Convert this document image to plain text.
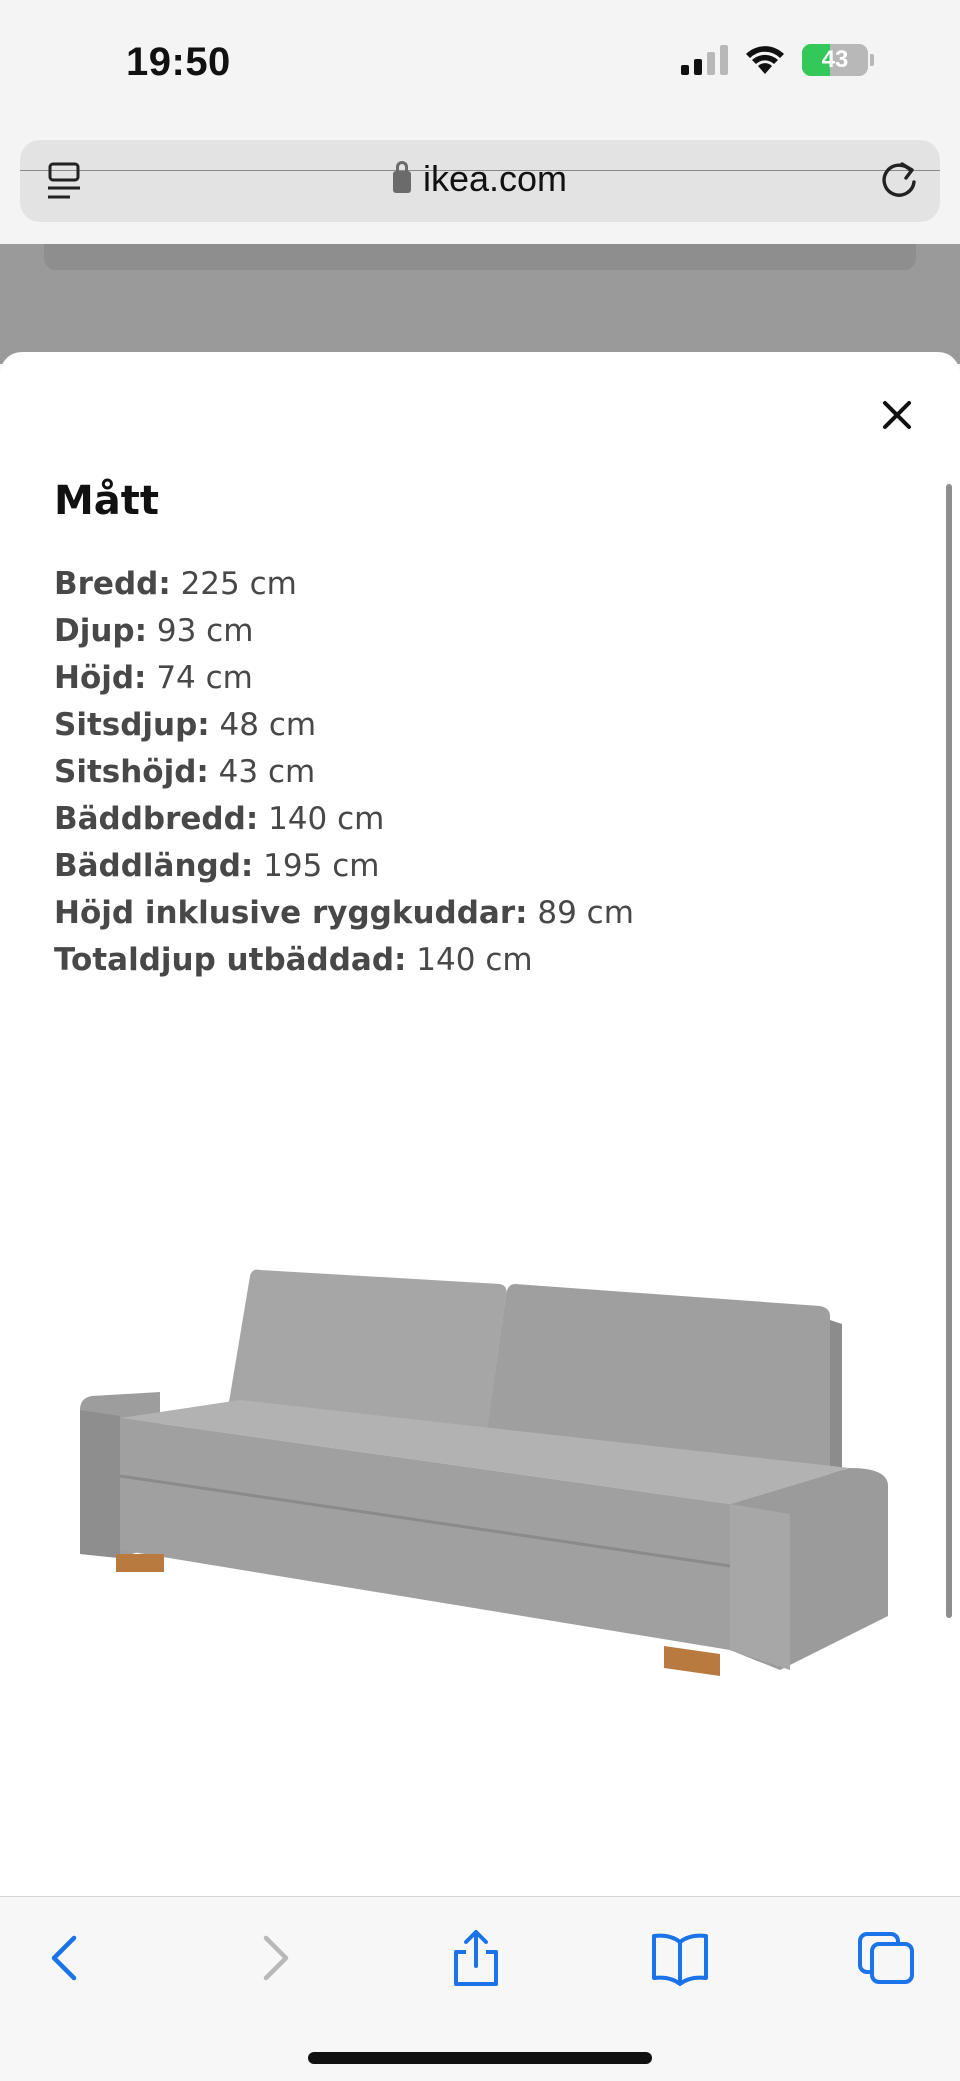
19:50	43
ikea.com
Mått
Bredd: 225 cm
Djup: 93 cm
Höjd: 74 cm
Sitsdjup: 48 cm
Sitshöjd: 43 cm
Bäddbredd: 140 cm
Bäddlängd: 195 cm
Höjd inklusive ryggkuddar: 89 cm
Totaldjup utbäddad: 140 cm
